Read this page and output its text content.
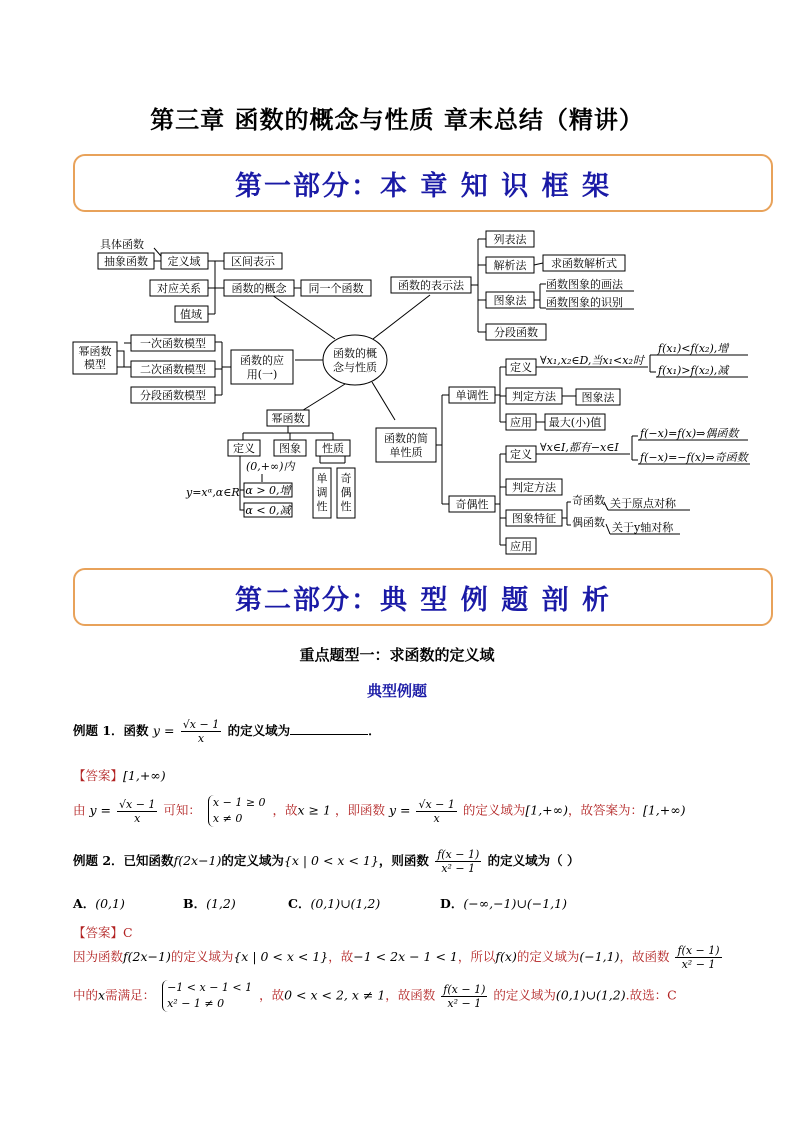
第三章 函数的概念与性质 章末总结（精讲）
第一部分：本 章 知 识 框 架
函数的概
念与性质
区间表示
函数的概念 同一个函数
定义域
对应关系
值域
具体函数
抽象函数
函数的应
用(一)
一次函数模型
二次函数模型
分段函数模型
幂函数
模型
幂函数
定义 图象 性质
(0,+∞)内
α > 0,增
α < 0,减
y=xᵅ,α∈R
单
调
性
奇
偶
性
函数的表示法
列表法
解析法 求函数解析式
图象法
函数图象的画法
函数图象的识别
分段函数
函数的简
单性质
单调性
奇偶性
定义
∀x₁,x₂∈D,当x₁<x₂时
f(x₁)<f(x₂),增
f(x₁)>f(x₂),减
判定方法 图象法
应用 最大(小)值
定义
∀x∈I,都有−x∈I
f(−x)=f(x)⇒偶函数
f(−x)=−f(x)⇒奇函数
判定方法
图象特征
奇函数 关于原点对称
偶函数 关于y轴对称
应用
第二部分：典 型 例 题 剖 析
重点题型一：求函数的定义域
典型例题
例题 1．函数 $y = \frac{√x - 1}{x}$ 的定义域为	．
【答案】[1,+∞)
由 $y = \frac{√x - 1}{x}$ 可知： x − 1 ≥ 0
x ≠ 0 ，故x ≥ 1 ，即函数 $y = \frac{√x - 1}{x}$ 的定义域为[1,+∞)，故答案为：[1,+∞)
例题 2．已知函数f(2x−1)的定义域为{x | 0 < x < 1}，则函数 $\frac{f(x - 1)}{\text{x² − 1}}$ 的定义域为（ ）
A．(0,1)	B．(1,2)	C．(0,1)∪(1,2)	D．(−∞,−1)∪(−1,1)
【答案】C
因为函数f(2x−1)的定义域为{x | 0 < x < 1}，故−1 < 2x − 1 < 1，所以f(x)的定义域为(−1,1)，故函数 $\frac{f(x - 1)}{\text{x² − 1}}$
中的x需满足： −1 < x − 1 < 1
x² − 1 ≠ 0 ，故0 < x < 2, x ≠ 1，故函数 $\frac{f(x - 1)}{\text{x² − 1}}$ 的定义域为(0,1)∪(1,2).故选：C
